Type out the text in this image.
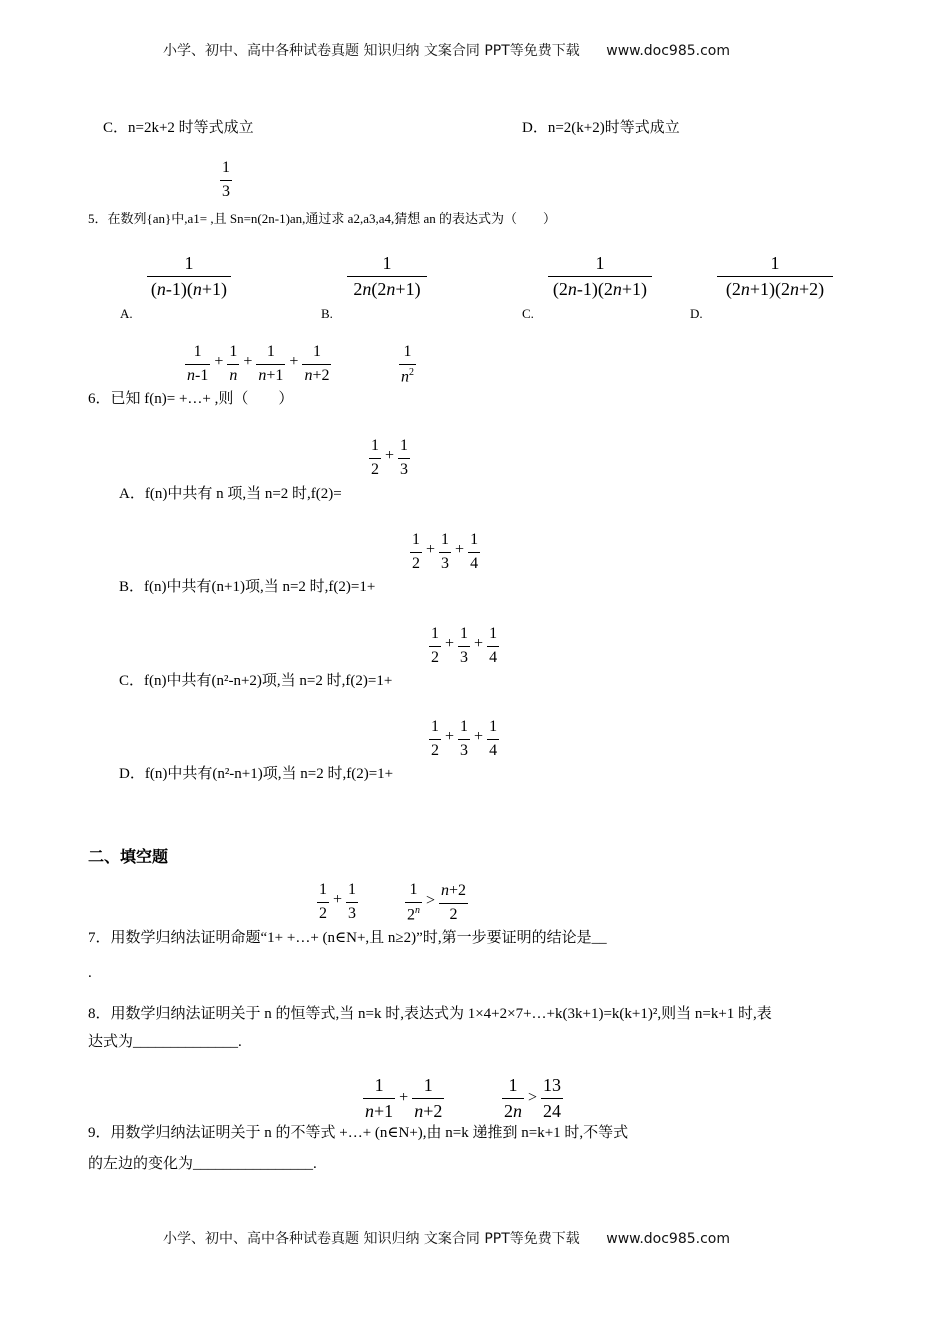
小学、初中、高中各种试卷真题 知识归纳 文案合同 PPT等免费下载 www.doc985.com
C．n=2k+2 时等式成立	D．n=2(k+2)时等式成立
1
3
5．在数列{an}中,a1= ,且 Sn=n(2n-1)an,通过求 a2,a3,a4,猜想 an 的表达式为（　　）
1
(n-1)(n+1)
1
2n(2n+1)
1
(2n-1)(2n+1)
1
(2n+1)(2n+2)
A.	B.	C.	D.
1
n-1
+
1
n
+
1
n+1
+
1
n+2
1
$n^2$
6．已知 f(n)= +…+ ,则（　　）
1
2
+
1
3
A．f(n)中共有 n 项,当 n=2 时,f(2)=
1
2
+
1
3
+
1
4
B．f(n)中共有(n+1)项,当 n=2 时,f(2)=1+
1
2
+
1
3
+
1
4
C．f(n)中共有(n²-n+2)项,当 n=2 时,f(2)=1+
1
2
+
1
3
+
1
4
D．f(n)中共有(n²-n+1)项,当 n=2 时,f(2)=1+
二、填空题
1
2
+
1
3
1
$2^n$
>
n+2
2
7．用数学归纳法证明命题“1+ +…+ (n∈N+,且 n≥2)”时,第一步要证明的结论是__
.
8．用数学归纳法证明关于 n 的恒等式,当 n=k 时,表达式为 1×4+2×7+…+k(3k+1)=k(k+1)²,则当 n=k+1 时,表
达式为______________.
1
n+1
+
1
n+2
1
2n
>
13
24
9．用数学归纳法证明关于 n 的不等式 +…+ (n∈N+),由 n=k 递推到 n=k+1 时,不等式
的左边的变化为________________.
小学、初中、高中各种试卷真题 知识归纳 文案合同 PPT等免费下载 www.doc985.com
